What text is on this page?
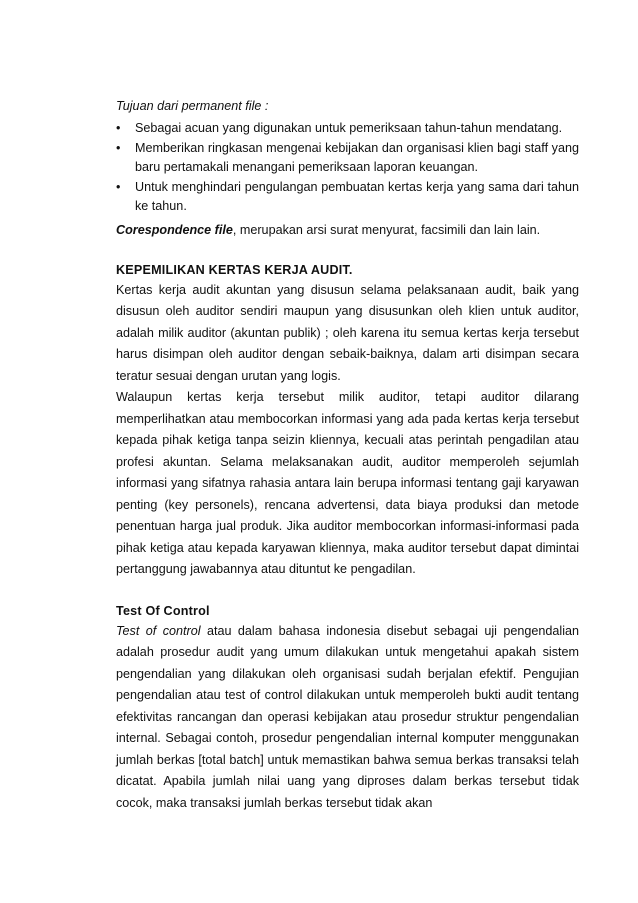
Tujuan dari permanent file :

• Sebagai acuan yang digunakan untuk pemeriksaan tahun-tahun mendatang.
• Memberikan ringkasan mengenai kebijakan dan organisasi klien bagi staff yang baru pertamakali menangani pemeriksaan laporan keuangan.
• Untuk menghindari pengulangan pembuatan kertas kerja yang sama dari tahun ke tahun.

Corespondence file, merupakan arsi surat menyurat, facsimili dan lain lain.

KEPEMILIKAN KERTAS KERJA AUDIT.

Kertas kerja audit akuntan yang disusun selama pelaksanaan audit, baik yang disusun oleh auditor sendiri maupun yang disusunkan oleh klien untuk auditor, adalah milik auditor (akuntan publik) ; oleh karena itu semua kertas kerja tersebut harus disimpan oleh auditor dengan sebaik-baiknya, dalam arti disimpan secara teratur sesuai dengan urutan yang logis.

Walaupun kertas kerja tersebut milik auditor, tetapi auditor dilarang memperlihatkan atau membocorkan informasi yang ada pada kertas kerja tersebut kepada pihak ketiga tanpa seizin kliennya, kecuali atas perintah pengadilan atau profesi akuntan. Selama melaksanakan audit, auditor memperoleh sejumlah informasi yang sifatnya rahasia antara lain berupa informasi tentang gaji karyawan penting (key personels), rencana advertensi, data biaya produksi dan metode penentuan harga jual produk. Jika auditor membocorkan informasi-informasi pada pihak ketiga atau kepada karyawan kliennya, maka auditor tersebut dapat dimintai pertanggung jawabannya atau dituntut ke pengadilan.

Test Of Control

Test of control atau dalam bahasa indonesia disebut sebagai uji pengendalian adalah prosedur audit yang umum dilakukan untuk mengetahui apakah sistem pengendalian yang dilakukan oleh organisasi sudah berjalan efektif. Pengujian pengendalian atau test of control dilakukan untuk memperoleh bukti audit tentang efektivitas rancangan dan operasi kebijakan atau prosedur struktur pengendalian internal. Sebagai contoh, prosedur pengendalian internal komputer menggunakan jumlah berkas [total batch] untuk memastikan bahwa semua berkas transaksi telah dicatat. Apabila jumlah nilai uang yang diproses dalam berkas tersebut tidak cocok, maka transaksi jumlah berkas tersebut tidak akan
